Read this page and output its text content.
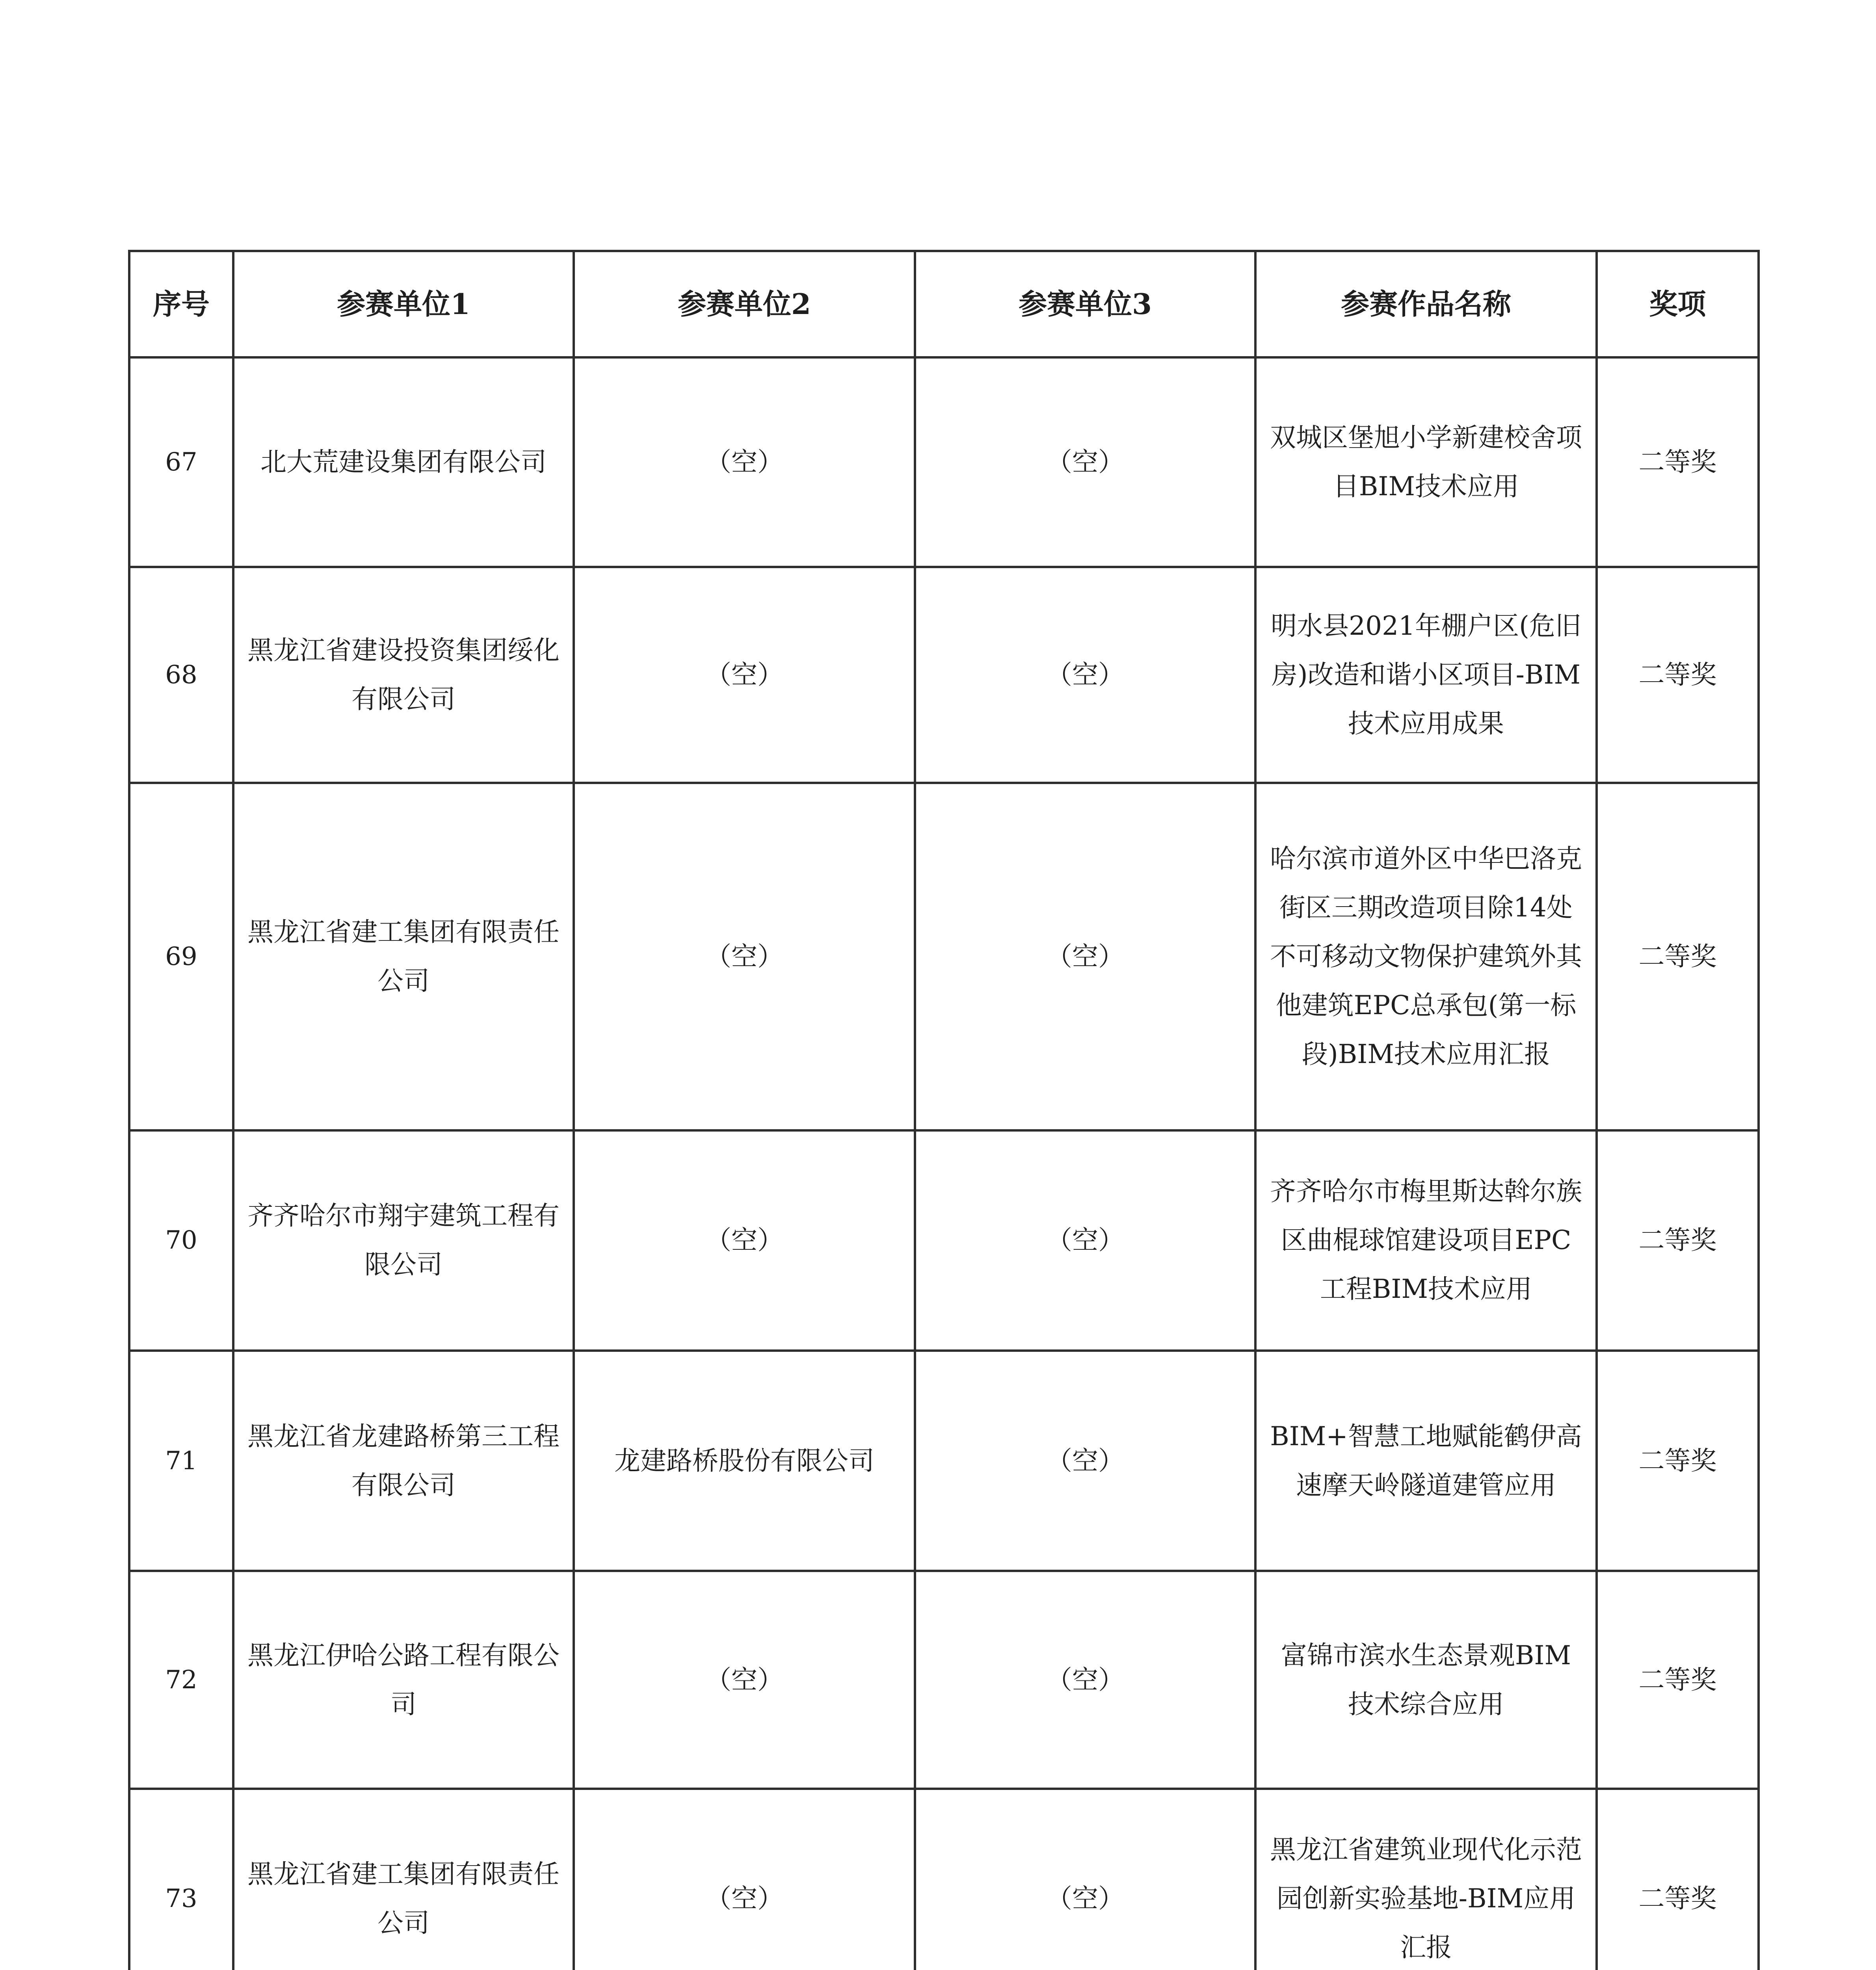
序号	参赛单位1	参赛单位2	参赛单位3	参赛作品名称	奖项
67	北大荒建设集团有限公司	（空）	（空）	双城区堡旭小学新建校舍项目BIM技术应用	二等奖
68	黑龙江省建设投资集团绥化有限公司	（空）	（空）	明水县2021年棚户区(危旧房)改造和谐小区项目-BIM技术应用成果	二等奖
69	黑龙江省建工集团有限责任公司	（空）	（空）	哈尔滨市道外区中华巴洛克街区三期改造项目除14处不可移动文物保护建筑外其他建筑EPC总承包(第一标段)BIM技术应用汇报	二等奖
70	齐齐哈尔市翔宇建筑工程有限公司	（空）	（空）	齐齐哈尔市梅里斯达斡尔族区曲棍球馆建设项目EPC工程BIM技术应用	二等奖
71	黑龙江省龙建路桥第三工程有限公司	龙建路桥股份有限公司	（空）	BIM+智慧工地赋能鹤伊高速摩天岭隧道建管应用	二等奖
72	黑龙江伊哈公路工程有限公司	（空）	（空）	富锦市滨水生态景观BIM技术综合应用	二等奖
73	黑龙江省建工集团有限责任公司	（空）	（空）	黑龙江省建筑业现代化示范园创新实验基地-BIM应用汇报	二等奖
